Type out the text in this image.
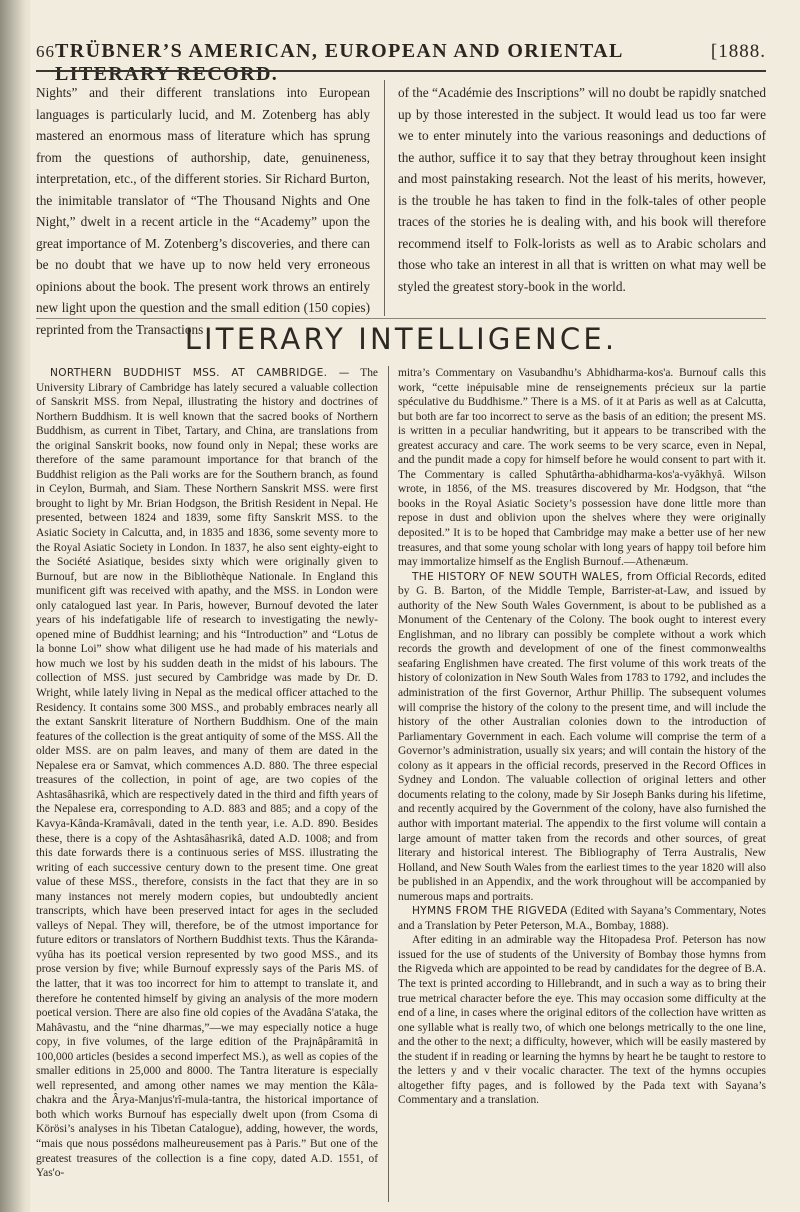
66 TRÜBNER’S AMERICAN, EUROPEAN AND ORIENTAL LITERARY RECORD.
[1888.

Nights” and their different translations into European languages is particularly lucid, and M. Zotenberg has ably mastered an enormous mass of literature which has sprung from the questions of authorship, date, genuineness, interpretation, etc., of the different stories. Sir Richard Burton, the inimitable translator of “The Thousand Nights and One Night,” dwelt in a recent article in the “Academy” upon the great importance of M. Zotenberg’s discoveries, and there can be no doubt that we have up to now held very erroneous opinions about the book. The present work throws an entirely new light upon the question and the small edition (150 copies) reprinted from the Transactions

of the “Académie des Inscriptions” will no doubt be rapidly snatched up by those interested in the subject. It would lead us too far were we to enter minutely into the various reasonings and deductions of the author, suffice it to say that they betray throughout keen insight and most painstaking research. Not the least of his merits, however, is the trouble he has taken to find in the folk-tales of other people traces of the stories he is dealing with, and his book will therefore recommend itself to Folk-lorists as well as to Arabic scholars and those who take an interest in all that is written on what may well be styled the greatest story-book in the world.

LITERARY INTELLIGENCE.

NORTHERN BUDDHIST MSS. AT CAMBRIDGE. — The University Library of Cambridge has lately secured a valuable collection of Sanskrit MSS. from Nepal, illustrating the history and doctrines of Northern Buddhism. It is well known that the sacred books of Northern Buddhism, as current in Tibet, Tartary, and China, are translations from the original Sanskrit books, now found only in Nepal; these works are therefore of the same paramount importance for that branch of the Buddhist religion as the Pali works are for the Southern branch, as found in Ceylon, Burmah, and Siam. These Northern Sanskrit MSS. were first brought to light by Mr. Brian Hodgson, the British Resident in Nepal. He presented, between 1824 and 1839, some fifty Sanskrit MSS. to the Asiatic Society in Calcutta, and, in 1835 and 1836, some seventy more to the Royal Asiatic Society in London. In 1837, he also sent eighty-eight to the Société Asiatique, besides sixty which were originally given to Burnouf, but are now in the Bibliothèque Nationale. In England this munificent gift was received with apathy, and the MSS. in London were only catalogued last year. In Paris, however, Burnouf devoted the later years of his indefatigable life of research to investigating the newly-opened mine of Buddhist learning; and his “Introduction” and “Lotus de la bonne Loi” show what diligent use he had made of his materials and how much we lost by his sudden death in the midst of his labours. The collection of MSS. just secured by Cambridge was made by Dr. D. Wright, while lately living in Nepal as the medical officer attached to the Residency. It contains some 300 MSS., and probably embraces nearly all the extant Sanskrit literature of Northern Buddhism. One of the main features of the collection is the great antiquity of some of the MSS. All the older MSS. are on palm leaves, and many of them are dated in the Nepalese era or Samvat, which commences A.D. 880. The three especial treasures of the collection, in point of age, are two copies of the Ashtasâhasrikâ, which are respectively dated in the third and fifth years of the Nepalese era, corresponding to A.D. 883 and 885; and a copy of the Kavya-Kânda-Kramâvali, dated in the tenth year, i.e. A.D. 890. Besides these, there is a copy of the Ashtasâhasrikâ, dated A.D. 1008; and from this date forwards there is a continuous series of MSS. illustrating the writing of each successive century down to the present time. One great value of these MSS., therefore, consists in the fact that they are in so many instances not merely modern copies, but undoubtedly ancient transcripts, which have been preserved intact for ages in the secluded valleys of Nepal. They will, therefore, be of the utmost importance for future editors or translators of Northern Buddhist texts. Thus the Kâranda-vyûha has its poetical version represented by two good MSS., and its prose version by five; while Burnouf expressly says of the Paris MS. of the latter, that it was too incorrect for him to attempt to translate it, and therefore he contented himself by giving an analysis of the more modern poetical version. There are also fine old copies of the Avadâna S'ataka, the Mahâvastu, and the “nine dharmas,”—we may especially notice a huge copy, in five volumes, of the large edition of the Prajnâpâramitâ in 100,000 articles (besides a second imperfect MS.), as well as copies of the smaller editions in 25,000 and 8000. The Tantra literature is especially well represented, and among other names we may mention the Kâla-chakra and the Ârya-Manjus'rî-mula-tantra, the historical importance of both which works Burnouf has especially dwelt upon (from Csoma di Körösi’s analyses in his Tibetan Catalogue), adding, however, the words, “mais que nous possédons malheureusement pas à Paris.” But one of the greatest treasures of the collection is a fine copy, dated A.D. 1551, of Yas'o-

mitra’s Commentary on Vasubandhu’s Abhidharma-kos'a. Burnouf calls this work, “cette inépuisable mine de renseignements précieux sur la partie spéculative du Buddhisme.” There is a MS. of it at Paris as well as at Calcutta, but both are far too incorrect to serve as the basis of an edition; the present MS. is written in a peculiar handwriting, but it appears to be transcribed with the greatest accuracy and care. The work seems to be very scarce, even in Nepal, and the pundit made a copy for himself before he would consent to part with it. The Commentary is called Sphutârtha-abhidharma-kos'a-vyâkhyâ. Wilson wrote, in 1856, of the MS. treasures discovered by Mr. Hodgson, that “the books in the Royal Asiatic Society’s possession have done little more than repose in dust and oblivion upon the shelves where they were originally deposited.” It is to be hoped that Cambridge may make a better use of her new treasures, and that some young scholar with long years of happy toil before him may immortalize himself as the English Burnouf.—Athenæum.

THE HISTORY OF NEW SOUTH WALES, from Official Records, edited by G. B. Barton, of the Middle Temple, Barrister-at-Law, and issued by authority of the New South Wales Government, is about to be published as a Monument of the Centenary of the Colony. The book ought to interest every Englishman, and no library can possibly be complete without a work which records the growth and development of one of the finest commonwealths seafaring Englishmen have created. The first volume of this work treats of the history of colonization in New South Wales from 1783 to 1792, and includes the administration of the first Governor, Arthur Phillip. The subsequent volumes will comprise the history of the colony to the present time, and will include the history of the other Australian colonies down to the introduction of Parliamentary Government in each. Each volume will comprise the term of a Governor’s administration, usually six years; and will contain the history of the colony as it appears in the official records, preserved in the Record Offices in Sydney and London. The valuable collection of original letters and other documents relating to the colony, made by Sir Joseph Banks during his lifetime, and recently acquired by the Government of the colony, have also furnished the author with important material. The appendix to the first volume will contain a large amount of matter taken from the records and other sources, of great literary and historical interest. The Bibliography of Terra Australis, New Holland, and New South Wales from the earliest times to the year 1820 will also be published in an Appendix, and the work throughout will be accompanied by numerous maps and portraits.

HYMNS FROM THE RIGVEDA (Edited with Sayana’s Commentary, Notes and a Translation by Peter Peterson, M.A., Bombay, 1888).

After editing in an admirable way the Hitopadesa Prof. Peterson has now issued for the use of students of the University of Bombay those hymns from the Rigveda which are appointed to be read by candidates for the degree of B.A. The text is printed according to Hillebrandt, and in such a way as to bring their true metrical character before the eye. This may occasion some difficulty at the end of a line, in cases where the original editors of the collection have written as one syllable what is really two, of which one belongs metrically to the one line, and the other to the next; a difficulty, however, which will be easily mastered by the student if in reading or learning the hymns by heart he be taught to restore to the letters y and v their vocalic character. The text of the hymns occupies altogether fifty pages, and is followed by the Pada text with Sayana’s Commentary and a translation.
